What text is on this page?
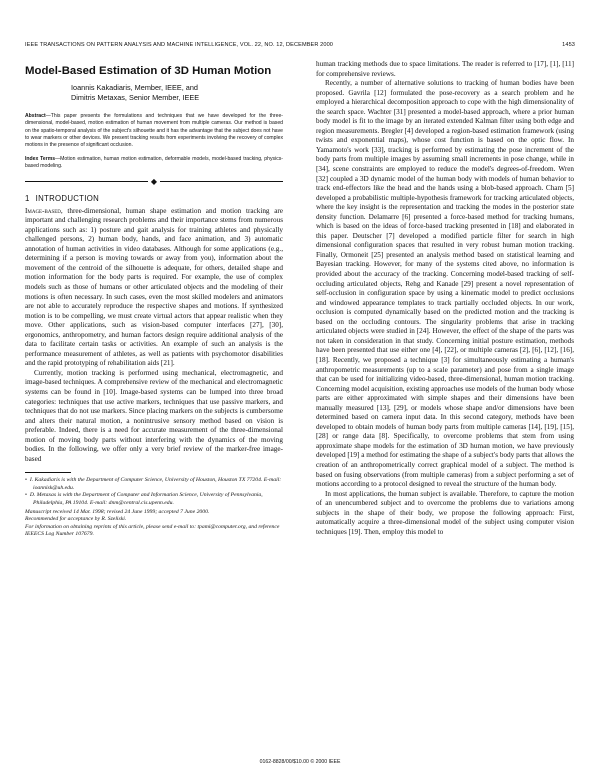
IEEE TRANSACTIONS ON PATTERN ANALYSIS AND MACHINE INTELLIGENCE, VOL. 22, NO. 12, DECEMBER 2000	1453
Model-Based Estimation of 3D Human Motion
Ioannis Kakadiaris, Member, IEEE, and
Dimitris Metaxas, Senior Member, IEEE
Abstract—This paper presents the formulations and techniques that we have developed for the three-dimensional, model-based, motion estimation of human movement from multiple cameras. Our method is based on the spatio-temporal analysis of the subject's silhouette and it has the advantage that the subject does not have to wear markers or other devices. We present tracking results from experiments involving the recovery of complex motions in the presence of significant occlusion.
Index Terms—Motion estimation, human motion estimation, deformable models, model-based tracking, physics-based modeling.
◆
1 INTRODUCTION

Image-based, three-dimensional, human shape estimation and motion tracking are important and challenging research problems and their importance stems from numerous applications such as: 1) posture and gait analysis for training athletes and physically challenged persons, 2) human body, hands, and face animation, and 3) automatic annotation of human activities in video databases. Although for some applications (e.g., determining if a person is moving towards or away from you), information about the movement of the centroid of the silhouette is adequate, for others, detailed shape and motion information for the body parts is required. For example, the use of complex models such as those of humans or other articulated objects and the modeling of their motions is often necessary. In such cases, even the most skilled modelers and animators are not able to accurately reproduce the respective shapes and motions. If synthesized motion is to be compelling, we must create virtual actors that appear realistic when they move. Other applications, such as vision-based computer interfaces [27], [30], ergonomics, anthropometry, and human factors design require additional analysis of the data to facilitate certain tasks or activities. An example of such an analysis is the performance measurement of athletes, as well as patients with psychomotor disabilities and the rapid prototyping of rehabilitation aids [21].

Currently, motion tracking is performed using mechanical, electromagnetic, and image-based techniques. A comprehensive review of the mechanical and electromagnetic systems can be found in [10]. Image-based systems can be lumped into three broad categories: techniques that use active markers, techniques that use passive markers, and techniques that do not use markers. Since placing markers on the subjects is cumbersome and alters their natural motion, a nonintrusive sensory method based on vision is preferable. Indeed, there is a need for accurate measurement of the three-dimensional motion of moving body parts without interfering with the dynamics of the moving bodies. In the following, we offer only a very brief review of the marker-free image-based

•  I. Kakadiaris is with the Department of Computer Science, University of Houston, Houston TX 77204. E-mail: ioannisk@uh.edu.
•  D. Metaxas is with the Department of Computer and Information Science, University of Pennsylvania, Philadelphia, PA 19104. E-mail: dnm@central.cis.upenn.edu.
Manuscript received 14 Mar. 1998; revised 24 June 1999; accepted 7 June 2000.
Recommended for acceptance by R. Szeliski.
For information on obtaining reprints of this article, please send e-mail to: tpami@computer.org, and reference IEEECS Log Number 107679.

human tracking methods due to space limitations. The reader is referred to [17], [1], [11] for comprehensive reviews.

Recently, a number of alternative solutions to tracking of human bodies have been proposed. Gavrila [12] formulated the pose-recovery as a search problem and he employed a hierarchical decomposition approach to cope with the high dimensionality of the search space. Wachter [31] presented a model-based approach, where a prior human body model is fit to the image by an iterated extended Kalman filter using both edge and region measurements. Bregler [4] developed a region-based estimation framework (using twists and exponential maps), whose cost function is based on the optic flow. In Yamamoto's work [33], tracking is performed by estimating the pose increment of the body parts from multiple images by assuming small increments in pose change, while in [34], scene constraints are employed to reduce the model's degrees-of-freedom. Wren [32] coupled a 3D dynamic model of the human body with models of human behavior to track end-effectors like the head and the hands using a blob-based approach. Cham [5] developed a probabilistic multiple-hypothesis framework for tracking articulated objects, where the key insight is the representation and tracking the modes in the posterior state density function. Delamarre [6] presented a force-based method for tracking humans, which is based on the ideas of force-based tracking presented in [18] and elaborated in this paper. Deutscher [7] developed a modified particle filter for search in high dimensional configuration spaces that resulted in very robust human motion tracking. Finally, Ormoneit [25] presented an analysis method based on statistical learning and Bayesian tracking. However, for many of the systems cited above, no information is provided about the accuracy of the tracking. Concerning model-based tracking of self-occluding articulated objects, Rehg and Kanade [29] present a novel representation of self-occlusion in configuration space by using a kinematic model to predict occlusions and windowed appearance templates to track partially occluded objects. In our work, occlusion is computed dynamically based on the predicted motion and the tracking is based on the occluding contours. The singularity problems that arise in tracking articulated objects were studied in [24]. However, the effect of the shape of the parts was not taken in consideration in that study. Concerning initial posture estimation, methods have been presented that use either one [4], [22], or multiple cameras [2], [6], [12], [16], [18]. Recently, we proposed a technique [3] for simultaneously estimating a human's anthropometric measurements (up to a scale parameter) and pose from a single image that can be used for initializing video-based, three-dimensional, human motion tracking. Concerning model acquisition, existing approaches use models of the human body whose parts are either approximated with simple shapes and their dimensions have been manually measured [13], [29], or models whose shape and/or dimensions have been determined based on camera input data. In this second category, methods have been developed to obtain models of human body parts from multiple cameras [14], [19], [15], [28] or range data [8]. Specifically, to overcome problems that stem from using approximate shape models for the estimation of 3D human motion, we have previously developed [19] a method for estimating the shape of a subject's body parts that allows the creation of an anthropometrically correct graphical model of a subject. The method is based on fusing observations (from multiple cameras) from a subject performing a set of motions according to a protocol designed to reveal the structure of the human body.

In most applications, the human subject is available. Therefore, to capture the motion of an unencumbered subject and to overcome the problems due to variations among subjects in the shape of their body, we propose the following approach: First, automatically acquire a three-dimensional model of the subject using computer vision techniques [19]. Then, employ this model to

0162-8828/00/$10.00 © 2000 IEEE
